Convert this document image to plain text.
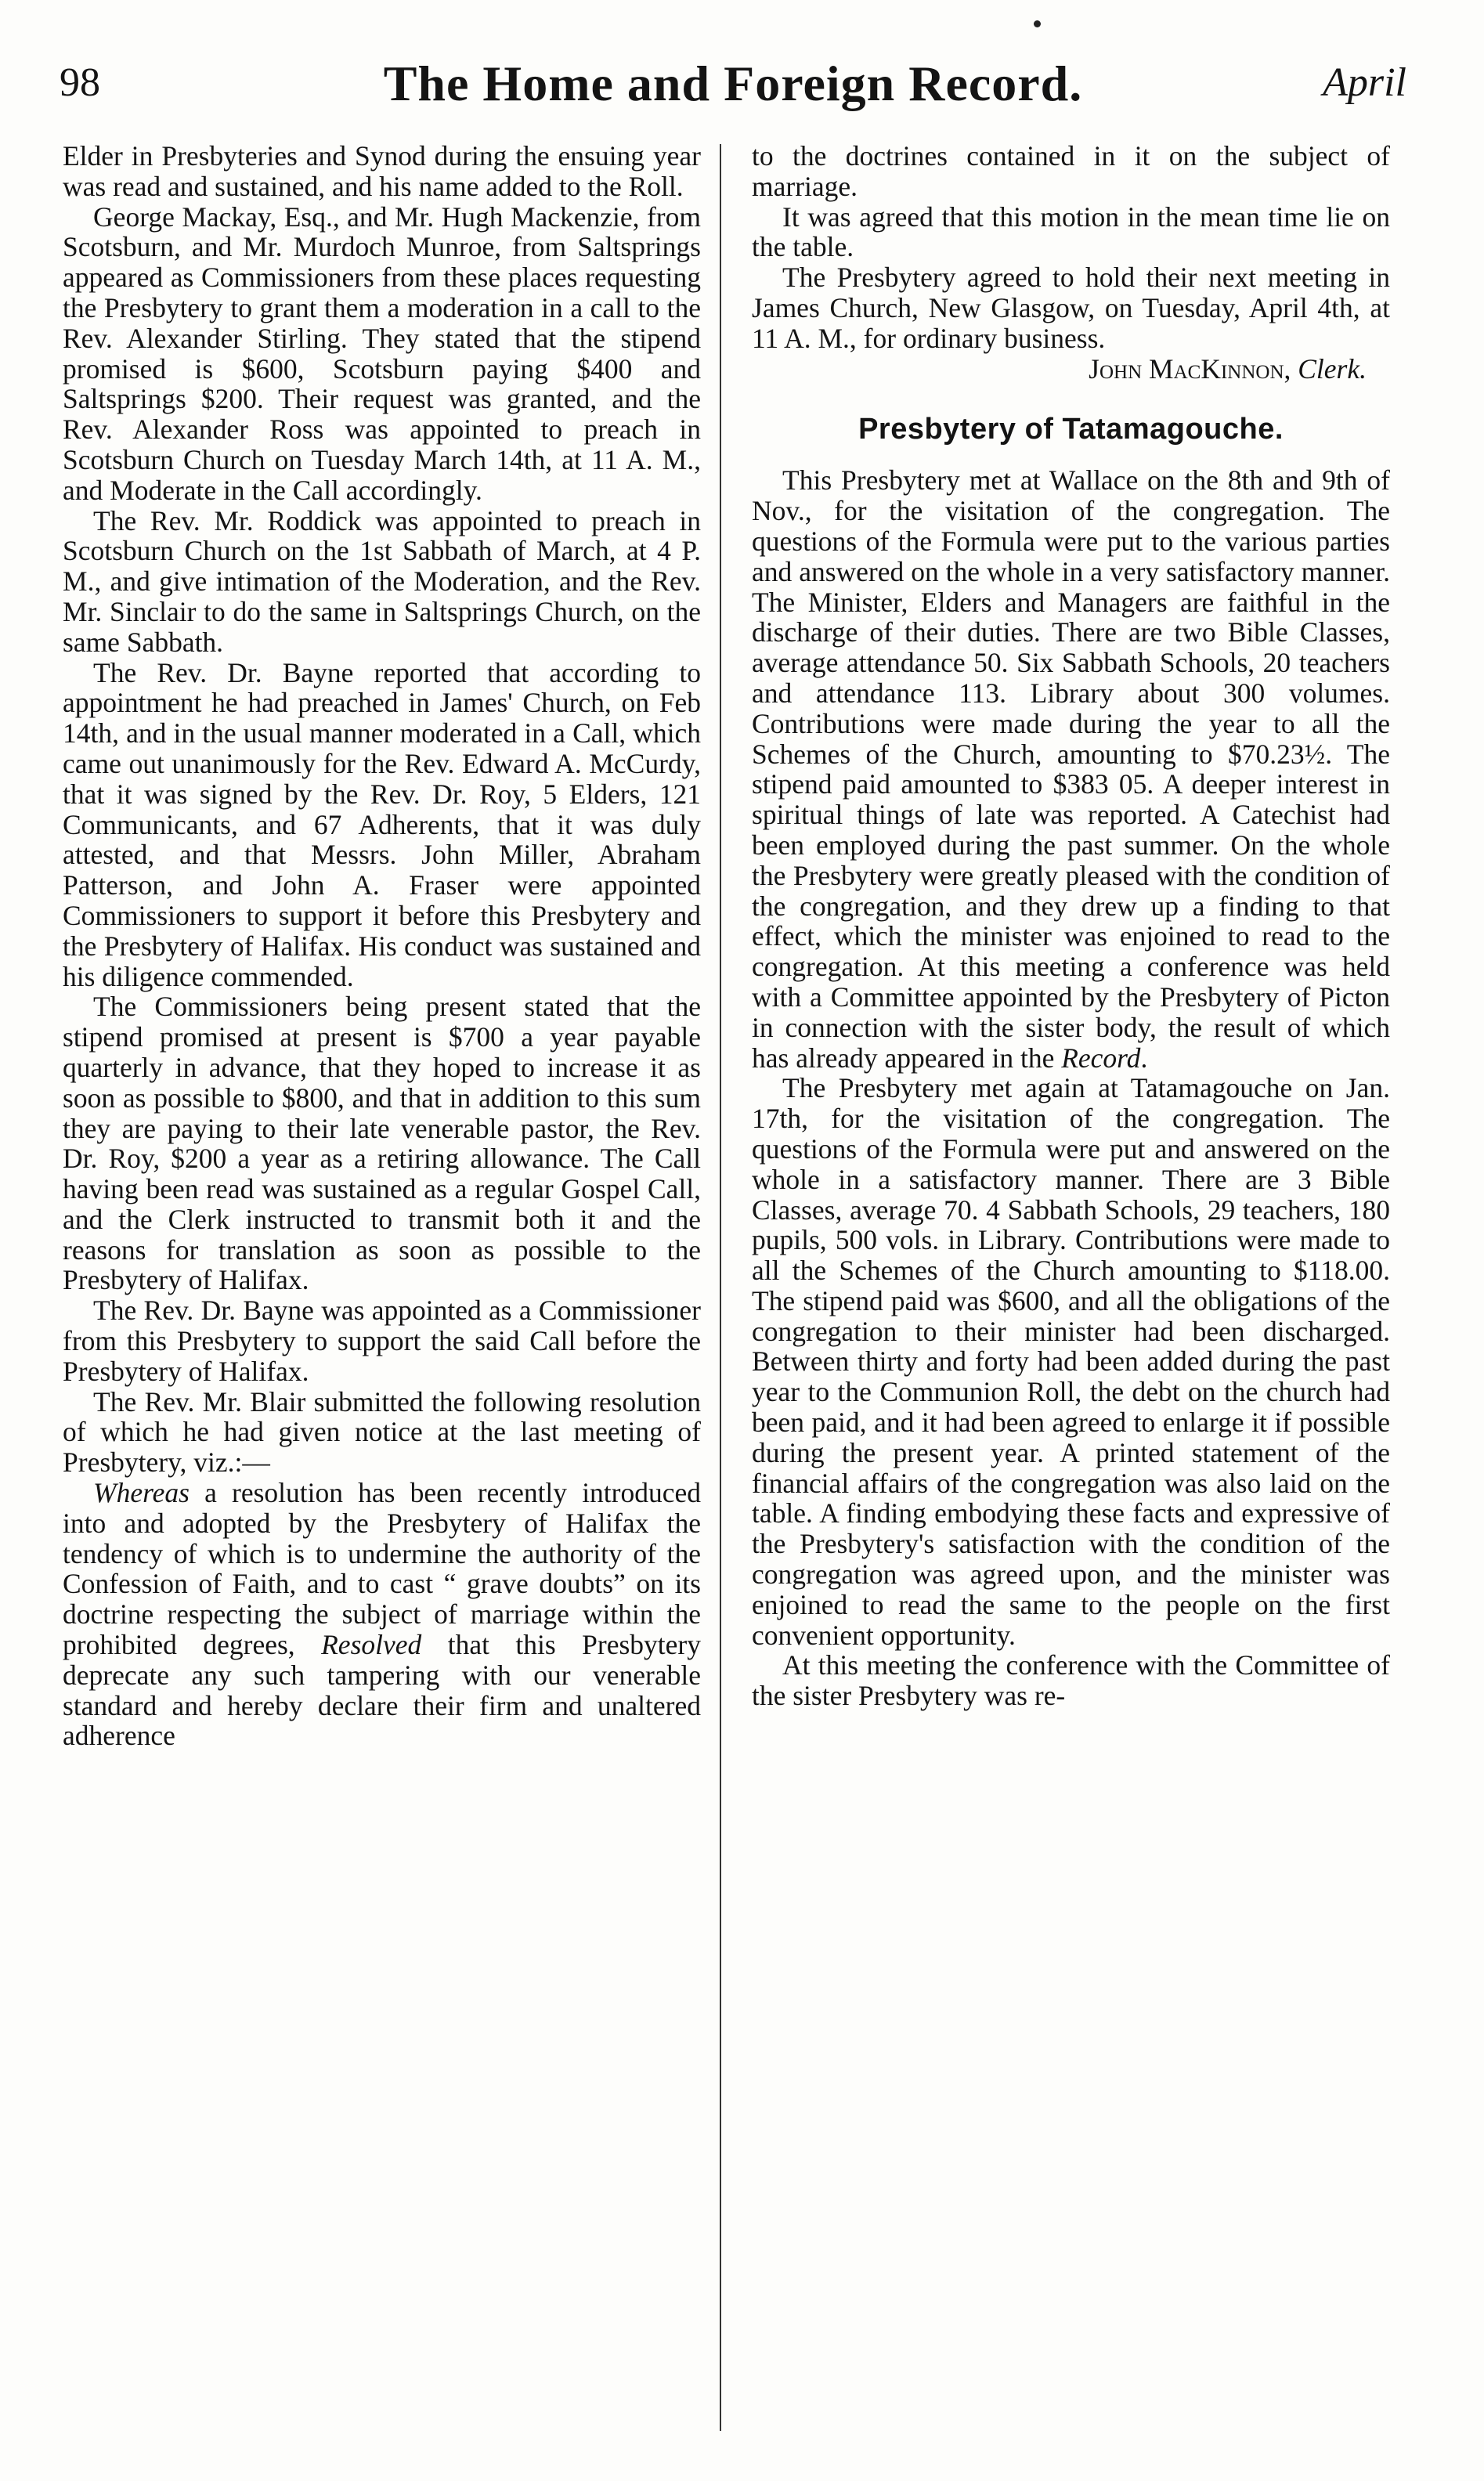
98	The Home and Foreign Record.	April

Elder in Presbyteries and Synod during the ensuing year was read and sustained, and his name added to the Roll.

George Mackay, Esq., and Mr. Hugh Mackenzie, from Scotsburn, and Mr. Murdoch Munroe, from Saltsprings appeared as Commissioners from these places requesting the Presbytery to grant them a moderation in a call to the Rev. Alexander Stirling. They stated that the stipend promised is $600, Scotsburn paying $400 and Saltsprings $200. Their request was granted, and the Rev. Alexander Ross was appointed to preach in Scotsburn Church on Tuesday March 14th, at 11 A. M., and Moderate in the Call accordingly.

The Rev. Mr. Roddick was appointed to preach in Scotsburn Church on the 1st Sabbath of March, at 4 P. M., and give intimation of the Moderation, and the Rev. Mr. Sinclair to do the same in Saltsprings Church, on the same Sabbath.

The Rev. Dr. Bayne reported that according to appointment he had preached in James' Church, on Feb 14th, and in the usual manner moderated in a Call, which came out unanimously for the Rev. Edward A. McCurdy, that it was signed by the Rev. Dr. Roy, 5 Elders, 121 Communicants, and 67 Adherents, that it was duly attested, and that Messrs. John Miller, Abraham Patterson, and John A. Fraser were appointed Commissioners to support it before this Presbytery and the Presbytery of Halifax. His conduct was sustained and his diligence commended.

The Commissioners being present stated that the stipend promised at present is $700 a year payable quarterly in advance, that they hoped to increase it as soon as possible to $800, and that in addition to this sum they are paying to their late venerable pastor, the Rev. Dr. Roy, $200 a year as a retiring allowance. The Call having been read was sustained as a regular Gospel Call, and the Clerk instructed to transmit both it and the reasons for translation as soon as possible to the Presbytery of Halifax.

The Rev. Dr. Bayne was appointed as a Commissioner from this Presbytery to support the said Call before the Presbytery of Halifax.

The Rev. Mr. Blair submitted the following resolution of which he had given notice at the last meeting of Presbytery, viz.:—

Whereas a resolution has been recently introduced into and adopted by the Presbytery of Halifax the tendency of which is to undermine the authority of the Confession of Faith, and to cast “ grave doubts” on its doctrine respecting the subject of marriage within the prohibited degrees, Resolved that this Presbytery deprecate any such tampering with our venerable standard and hereby declare their firm and unaltered adherence

to the doctrines contained in it on the subject of marriage.

It was agreed that this motion in the mean time lie on the table.

The Presbytery agreed to hold their next meeting in James Church, New Glasgow, on Tuesday, April 4th, at 11 A. M., for ordinary business.

John MacKinnon, Clerk.

Presbytery of Tatamagouche.

This Presbytery met at Wallace on the 8th and 9th of Nov., for the visitation of the congregation. The questions of the Formula were put to the various parties and answered on the whole in a very satisfactory manner. The Minister, Elders and Managers are faithful in the discharge of their duties. There are two Bible Classes, average attendance 50. Six Sabbath Schools, 20 teachers and attendance 113. Library about 300 volumes. Contributions were made during the year to all the Schemes of the Church, amounting to $70.23½. The stipend paid amounted to $383 05. A deeper interest in spiritual things of late was reported. A Catechist had been employed during the past summer. On the whole the Presbytery were greatly pleased with the condition of the congregation, and they drew up a finding to that effect, which the minister was enjoined to read to the congregation. At this meeting a conference was held with a Committee appointed by the Presbytery of Picton in connection with the sister body, the result of which has already appeared in the Record.

The Presbytery met again at Tatamagouche on Jan. 17th, for the visitation of the congregation. The questions of the Formula were put and answered on the whole in a satisfactory manner. There are 3 Bible Classes, average 70. 4 Sabbath Schools, 29 teachers, 180 pupils, 500 vols. in Library. Contributions were made to all the Schemes of the Church amounting to $118.00. The stipend paid was $600, and all the obligations of the congregation to their minister had been discharged. Between thirty and forty had been added during the past year to the Communion Roll, the debt on the church had been paid, and it had been agreed to enlarge it if possible during the present year. A printed statement of the financial affairs of the congregation was also laid on the table. A finding embodying these facts and expressive of the Presbytery's satisfaction with the condition of the congregation was agreed upon, and the minister was enjoined to read the same to the people on the first convenient opportunity.

At this meeting the conference with the Committee of the sister Presbytery was re-
